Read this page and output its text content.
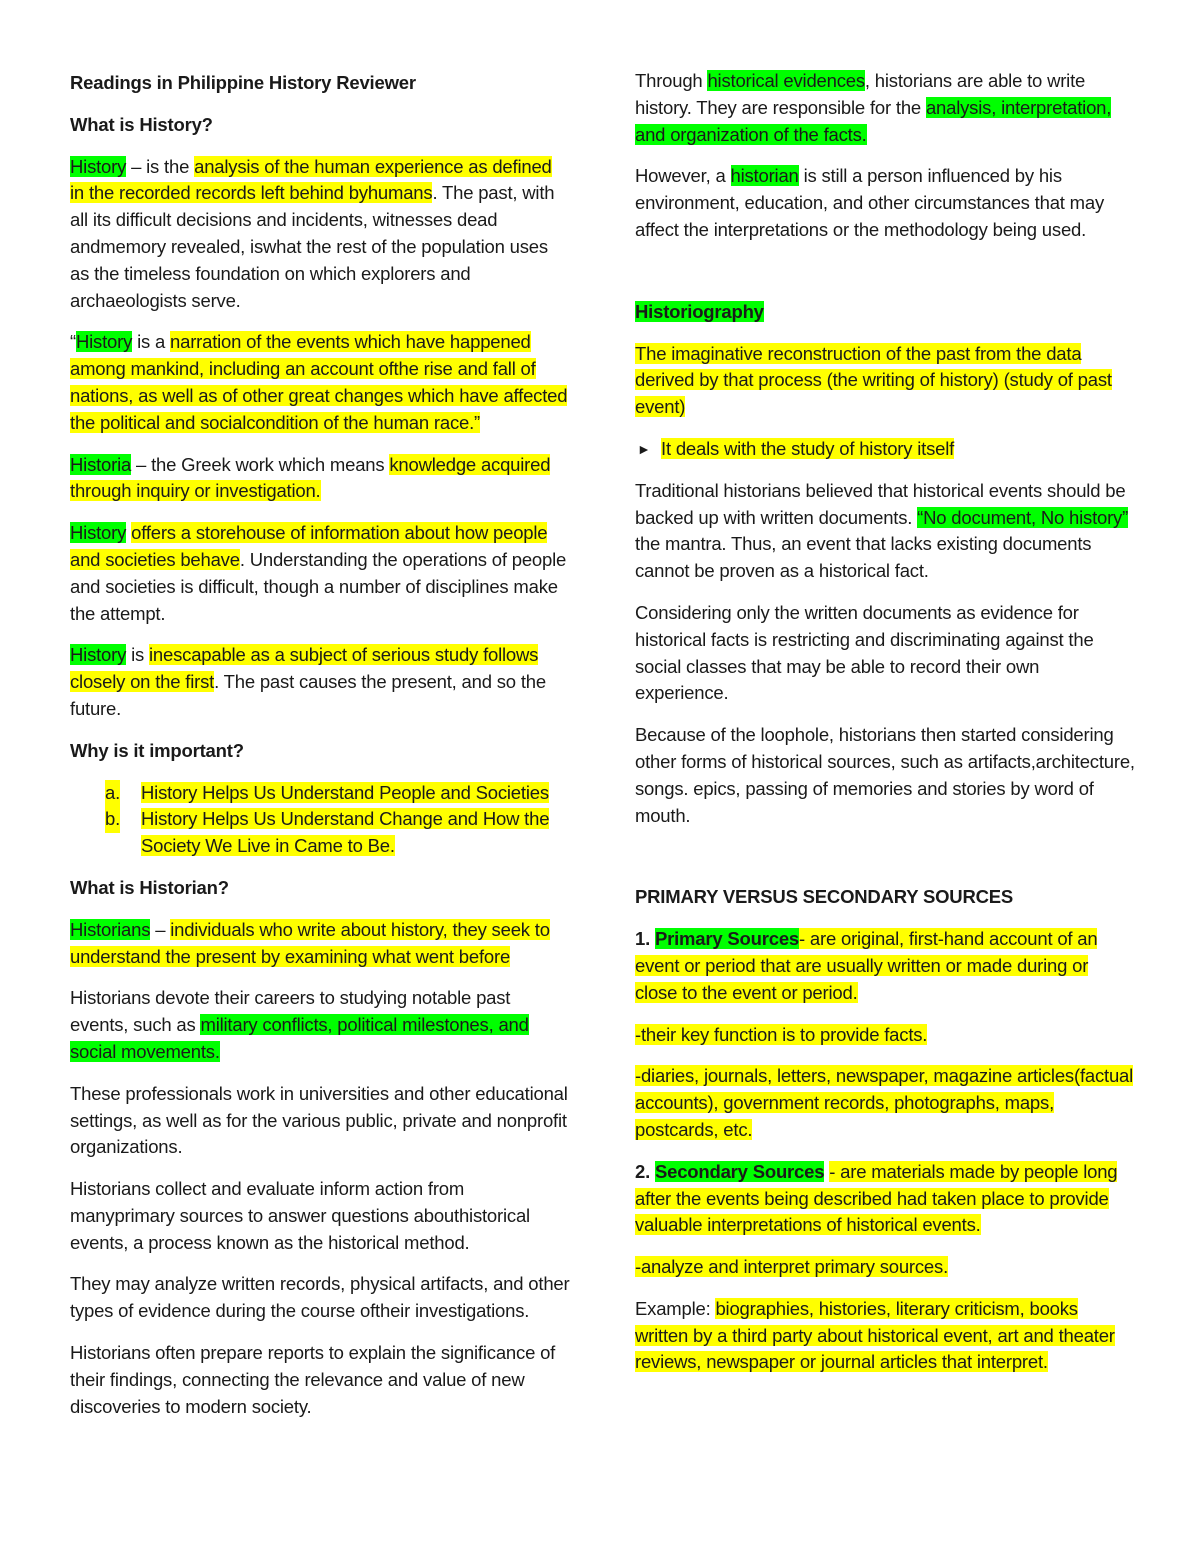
Readings in Philippine History Reviewer

What is History?

History – is the analysis of the human experience as defined in the recorded records left behind byhumans. The past, with all its difficult decisions and incidents, witnesses dead andmemory revealed, iswhat the rest of the population uses as the timeless foundation on which explorers and archaeologists serve.

“History is a narration of the events which have happened among mankind, including an account ofthe rise and fall of nations, as well as of other great changes which have affected the political and socialcondition of the human race.”

Historia – the Greek work which means knowledge acquired through inquiry or investigation.

History offers a storehouse of information about how people and societies behave. Understanding the operations of people and societies is difficult, though a number of disciplines make the attempt.

History is inescapable as a subject of serious study follows closely on the first. The past causes the present, and so the future.

Why is it important?

a. History Helps Us Understand People and Societies
b. History Helps Us Understand Change and How the Society We Live in Came to Be.

What is Historian?

Historians – individuals who write about history, they seek to understand the present by examining what went before

Historians devote their careers to studying notable past events, such as military conflicts, political milestones, and social movements.

These professionals work in universities and other educational settings, as well as for the various public, private and nonprofit organizations.

Historians collect and evaluate inform action from manyprimary sources to answer questions abouthistorical events, a process known as the historical method.

They may analyze written records, physical artifacts, and other types of evidence during the course oftheir investigations.

Historians often prepare reports to explain the significance of their findings, connecting the relevance and value of new discoveries to modern society.

Through historical evidences, historians are able to write history. They are responsible for the analysis, interpretation, and organization of the facts.

However, a historian is still a person influenced by his environment, education, and other circumstances that may affect the interpretations or the methodology being used.

Historiography

The imaginative reconstruction of the past from the data derived by that process (the writing of history) (study of past event)

► It deals with the study of history itself

Traditional historians believed that historical events should be backed up with written documents. “No document, No history” the mantra. Thus, an event that lacks existing documents cannot be proven as a historical fact.

Considering only the written documents as evidence for historical facts is restricting and discriminating against the social classes that may be able to record their own experience.

Because of the loophole, historians then started considering other forms of historical sources, such as artifacts,architecture, songs. epics, passing of memories and stories by word of mouth.

PRIMARY VERSUS SECONDARY SOURCES

1. Primary Sources- are original, first-hand account of an event or period that are usually written or made during or close to the event or period.

-their key function is to provide facts.

-diaries, journals, letters, newspaper, magazine articles(factual accounts), government records, photographs, maps, postcards, etc.

2. Secondary Sources - are materials made by people long after the events being described had taken place to provide valuable interpretations of historical events.

-analyze and interpret primary sources.

Example: biographies, histories, literary criticism, books written by a third party about historical event, art and theater reviews, newspaper or journal articles that interpret.
